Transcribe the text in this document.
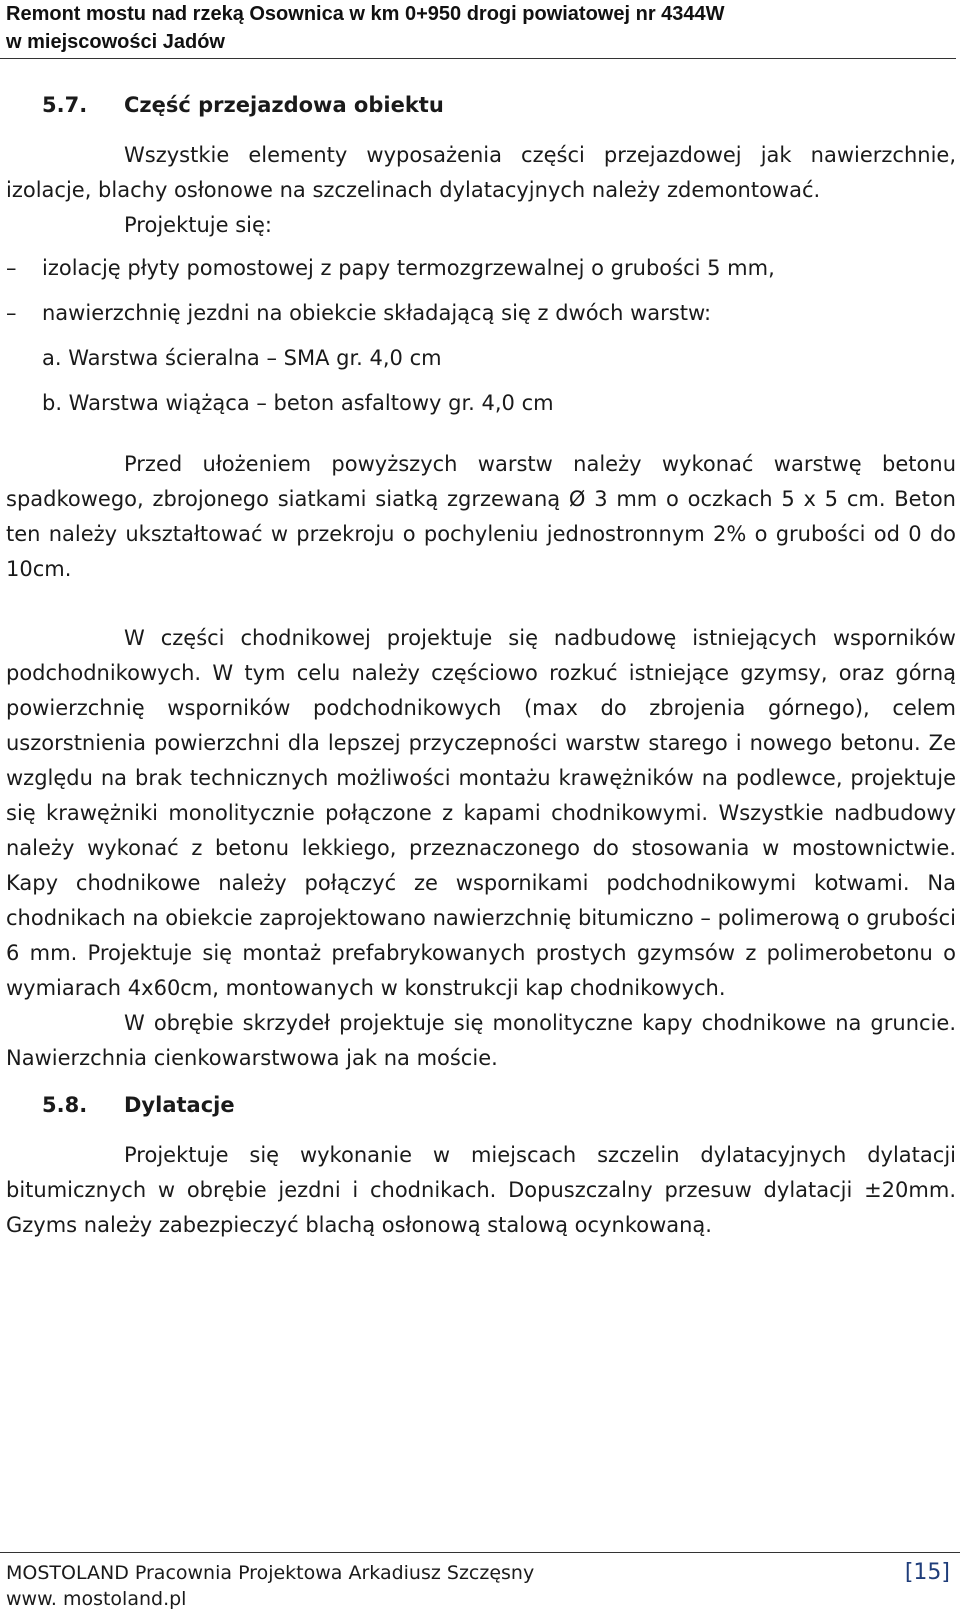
Remont mostu nad rzeką Osownica w km 0+950 drogi powiatowej nr 4344W
w miejscowości Jadów
5.7. Część przejazdowa obiektu

Wszystkie elementy wyposażenia części przejazdowej jak nawierzchnie, izolacje, blachy osłonowe na szczelinach dylatacyjnych należy zdemontować.

Projektuje się:

–	izolację płyty pomostowej z papy termozgrzewalnej o grubości 5 mm,
–	nawierzchnię jezdni na obiekcie składającą się z dwóch warstw:
a. Warstwa ścieralna – SMA gr. 4,0 cm
b. Warstwa wiążąca – beton asfaltowy gr. 4,0 cm

Przed ułożeniem powyższych warstw należy wykonać warstwę betonu spadkowego, zbrojonego siatkami siatką zgrzewaną Ø 3 mm o oczkach 5 x 5 cm. Beton ten należy ukształtować w przekroju o pochyleniu jednostronnym 2% o grubości od 0 do 10cm.

W części chodnikowej projektuje się nadbudowę istniejących wsporników podchodnikowych. W tym celu należy częściowo rozkuć istniejące gzymsy, oraz górną powierzchnię wsporników podchodnikowych (max do zbrojenia górnego), celem uszorstnienia powierzchni dla lepszej przyczepności warstw starego i nowego betonu. Ze względu na brak technicznych możliwości montażu krawężników na podlewce, projektuje się krawężniki monolitycznie połączone z kapami chodnikowymi. Wszystkie nadbudowy należy wykonać z betonu lekkiego, przeznaczonego do stosowania w mostownictwie. Kapy chodnikowe należy połączyć ze wspornikami podchodnikowymi kotwami. Na chodnikach na obiekcie zaprojektowano nawierzchnię bitumiczno – polimerową o grubości 6 mm. Projektuje się montaż prefabrykowanych prostych gzymsów z polimerobetonu o wymiarach 4x60cm, montowanych w konstrukcji kap chodnikowych.

W obrębie skrzydeł projektuje się monolityczne kapy chodnikowe na gruncie. Nawierzchnia cienkowarstwowa jak na moście.

5.8. Dylatacje

Projektuje się wykonanie w miejscach szczelin dylatacyjnych dylatacji bitumicznych w obrębie jezdni i chodnikach. Dopuszczalny przesuw dylatacji ±20mm. Gzyms należy zabezpieczyć blachą osłonową stalową ocynkowaną.

MOSTOLAND Pracownia Projektowa Arkadiusz Szczęsny
www. mostoland.pl
[15]
